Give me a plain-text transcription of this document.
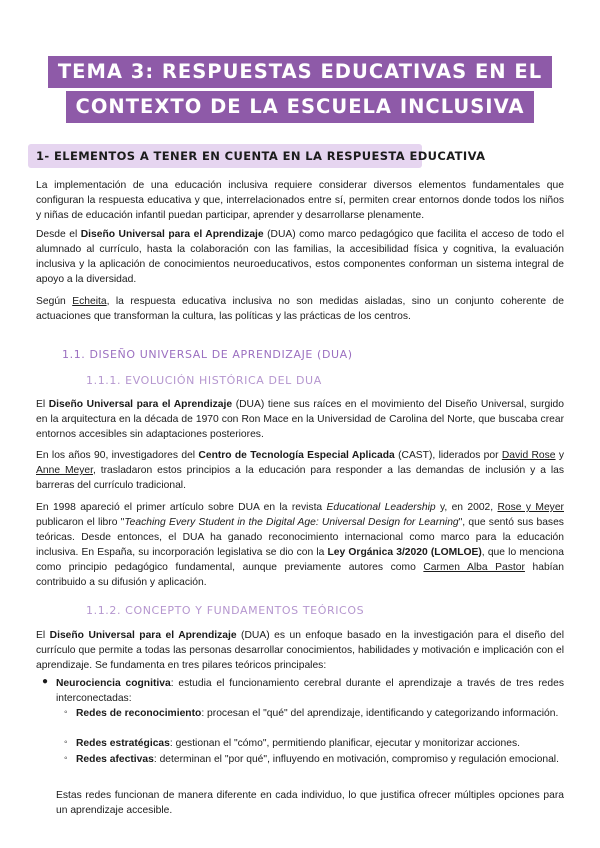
TEMA 3: RESPUESTAS EDUCATIVAS EN EL
CONTEXTO DE LA ESCUELA INCLUSIVA
1- ELEMENTOS A TENER EN CUENTA EN LA RESPUESTA EDUCATIVA
La implementación de una educación inclusiva requiere considerar diversos elementos fundamentales que configuran la respuesta educativa y que, interrelacionados entre sí, permiten crear entornos donde todos los niños y niñas de educación infantil puedan participar, aprender y desarrollarse plenamente.
Desde el Diseño Universal para el Aprendizaje (DUA) como marco pedagógico que facilita el acceso de todo el alumnado al currículo, hasta la colaboración con las familias, la accesibilidad física y cognitiva, la evaluación inclusiva y la aplicación de conocimientos neuroeducativos, estos componentes conforman un sistema integral de apoyo a la diversidad.
Según Echeita, la respuesta educativa inclusiva no son medidas aisladas, sino un conjunto coherente de actuaciones que transforman la cultura, las políticas y las prácticas de los centros.
1.1. DISEÑO UNIVERSAL DE APRENDIZAJE (DUA)
1.1.1. EVOLUCIÓN HISTÓRICA DEL DUA
El Diseño Universal para el Aprendizaje (DUA) tiene sus raíces en el movimiento del Diseño Universal, surgido en la arquitectura en la década de 1970 con Ron Mace en la Universidad de Carolina del Norte, que buscaba crear entornos accesibles sin adaptaciones posteriores.
En los años 90, investigadores del Centro de Tecnología Especial Aplicada (CAST), liderados por David Rose y Anne Meyer, trasladaron estos principios a la educación para responder a las demandas de inclusión y a las barreras del currículo tradicional.
En 1998 apareció el primer artículo sobre DUA en la revista Educational Leadership y, en 2002, Rose y Meyer publicaron el libro "Teaching Every Student in the Digital Age: Universal Design for Learning", que sentó sus bases teóricas. Desde entonces, el DUA ha ganado reconocimiento internacional como marco para la educación inclusiva. En España, su incorporación legislativa se dio con la Ley Orgánica 3/2020 (LOMLOE), que lo menciona como principio pedagógico fundamental, aunque previamente autores como Carmen Alba Pastor habían contribuido a su difusión y aplicación.
1.1.2. CONCEPTO Y FUNDAMENTOS TEÓRICOS
El Diseño Universal para el Aprendizaje (DUA) es un enfoque basado en la investigación para el diseño del currículo que permite a todas las personas desarrollar conocimientos, habilidades y motivación e implicación con el aprendizaje. Se fundamenta en tres pilares teóricos principales:
● Neurociencia cognitiva: estudia el funcionamiento cerebral durante el aprendizaje a través de tres redes interconectadas:
◦ Redes de reconocimiento: procesan el "qué" del aprendizaje, identificando y categorizando información.
◦ Redes estratégicas: gestionan el "cómo", permitiendo planificar, ejecutar y monitorizar acciones.
◦ Redes afectivas: determinan el "por qué", influyendo en motivación, compromiso y regulación emocional.
Estas redes funcionan de manera diferente en cada individuo, lo que justifica ofrecer múltiples opciones para un aprendizaje accesible.
